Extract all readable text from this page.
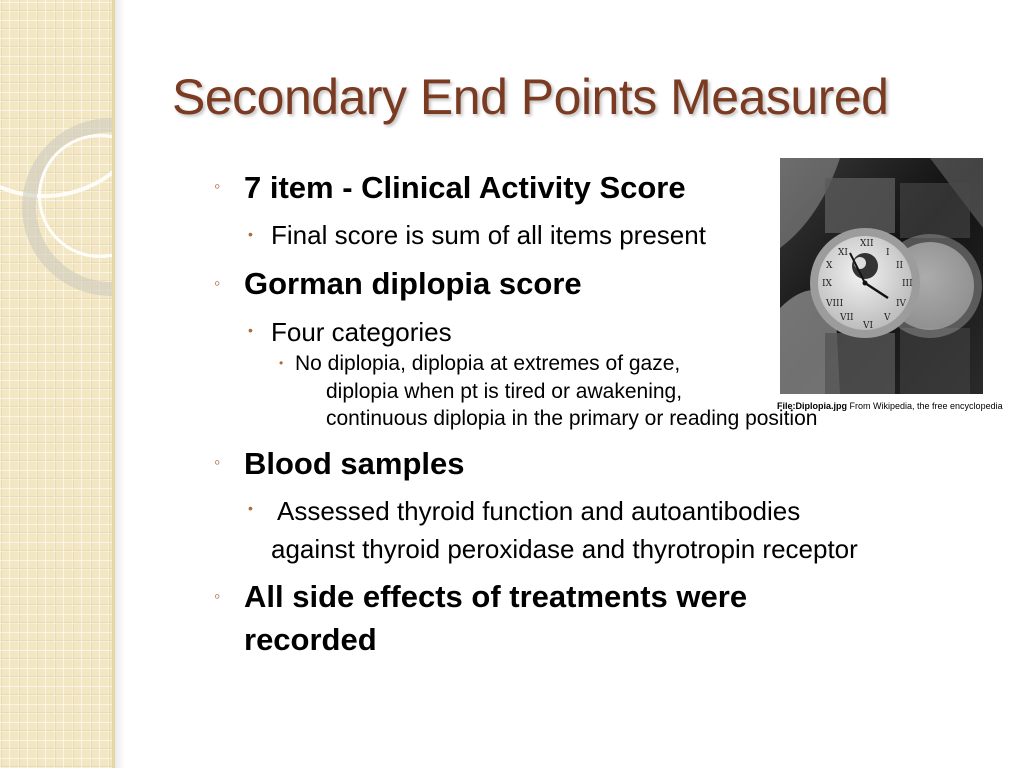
Secondary End Points Measured
◦ 7 item - Clinical Activity Score
• Final score is sum of all items present
◦ Gorman diplopia score
• Four categories
• No diplopia, diplopia at extremes of gaze,
diplopia when pt is tired or awakening,
continuous diplopia in the primary or reading position
◦ Blood samples
• Assessed thyroid function and autoantibodies
against thyroid peroxidase and thyrotropin receptor
◦ All side effects of treatments were
recorded
XII
III
VI
IX
I
II
IV
V
VII
VIII
X
XI
File:Diplopia.jpg From Wikipedia, the free encyclopedia
